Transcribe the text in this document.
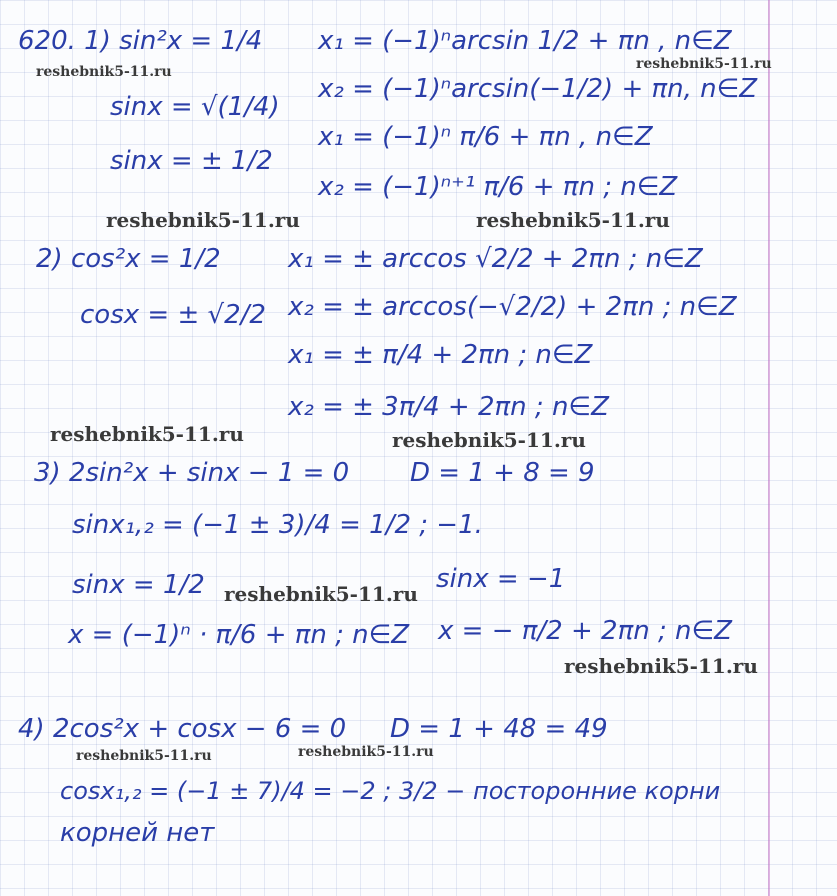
620. 1) sin²x = 1/4
sinx = √(1/4)
sinx = ± 1/2
x₁ = (−1)ⁿarcsin 1/2 + πn , n∈Z
x₂ = (−1)ⁿarcsin(−1/2) + πn, n∈Z
x₁ = (−1)ⁿ π/6 + πn , n∈Z
x₂ = (−1)ⁿ⁺¹ π/6 + πn ; n∈Z
2) cos²x = 1/2
cosx = ± √2/2
x₁ = ± arccos √2/2 + 2πn ; n∈Z
x₂ = ± arccos(−√2/2) + 2πn ; n∈Z
x₁ = ± π/4 + 2πn ; n∈Z
x₂ = ± 3π/4 + 2πn ; n∈Z
3) 2sin²x + sinx − 1 = 0 D = 1 + 8 = 9
sinx₁,₂ = (−1 ± 3)/4 = 1/2 ; −1.
sinx = 1/2	sinx = −1
x = (−1)ⁿ · π/6 + πn ; n∈Z x = − π/2 + 2πn ; n∈Z
4) 2cos²x + cosx − 6 = 0 D = 1 + 48 = 49
cosx₁,₂ = (−1 ± 7)/4 = −2 ; 3/2 − посторонние корни
корней нет
reshebnik5-11.ru	reshebnik5-11.ru
reshebnik5-11.ru	reshebnik5-11.ru
reshebnik5-11.ru	reshebnik5-11.ru
reshebnik5-11.ru
reshebnik5-11.ru
reshebnik5-11.ru	reshebnik5-11.ru
